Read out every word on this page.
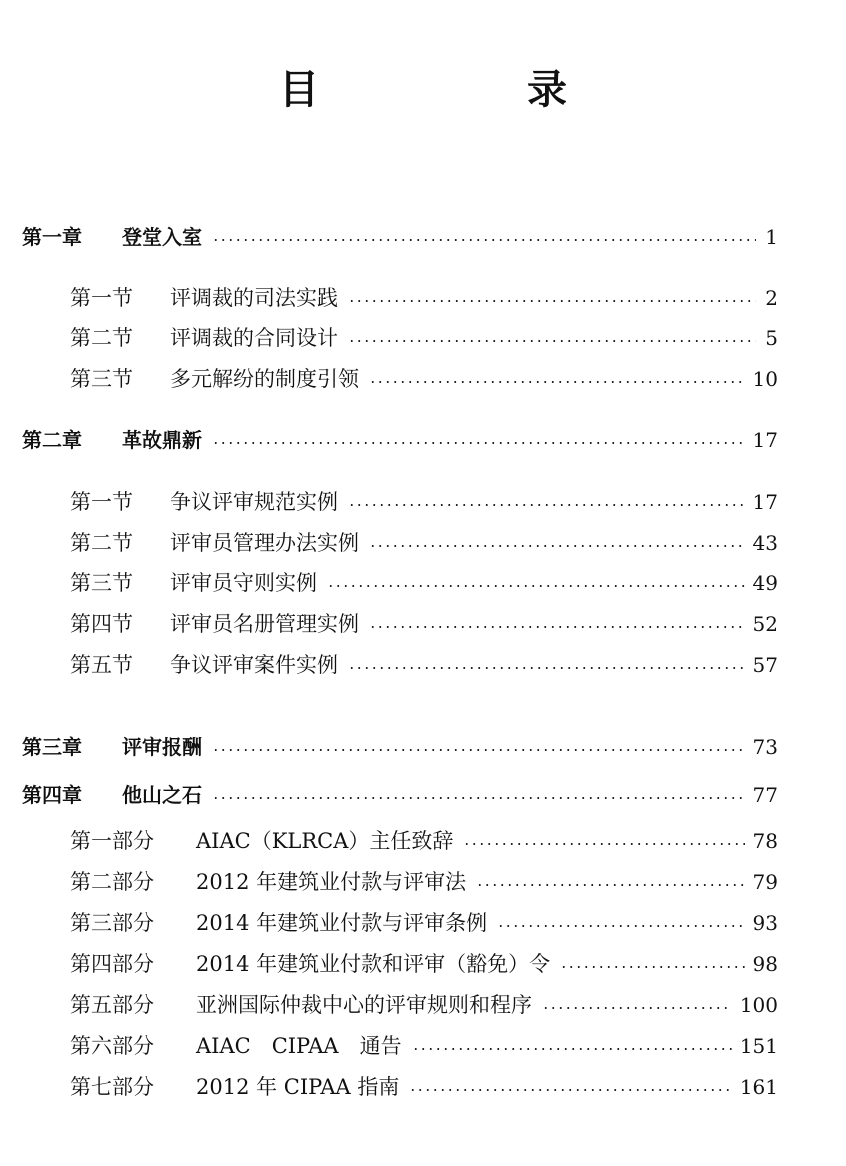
目　录
第一章 登堂入室	1
第一节 评调裁的司法实践	2
第二节 评调裁的合同设计	5
第三节 多元解纷的制度引领	10
第二章 革故鼎新	17
第一节 争议评审规范实例	17
第二节 评审员管理办法实例	43
第三节 评审员守则实例	49
第四节 评审员名册管理实例	52
第五节 争议评审案件实例	57
第三章 评审报酬	73
第四章 他山之石	77
第一部分 AIAC（KLRCA）主任致辞	78
第二部分 2012 年建筑业付款与评审法	79
第三部分 2014 年建筑业付款与评审条例	93
第四部分 2014 年建筑业付款和评审（豁免）令	98
第五部分 亚洲国际仲裁中心的评审规则和程序	100
第六部分 AIAC　CIPAA　通告	151
第七部分 2012 年 CIPAA 指南	161
